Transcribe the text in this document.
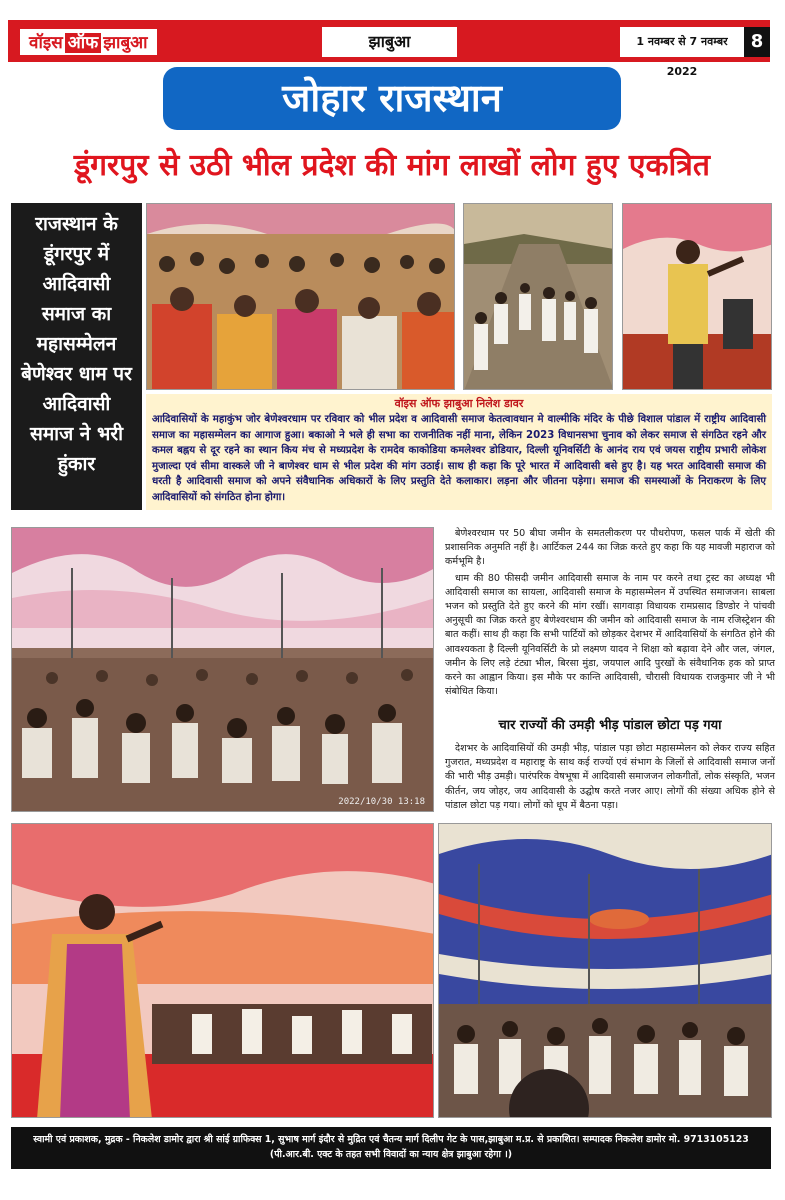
वॉइस ऑफ झाबुआ	झाबुआ	1 नवम्बर से 7 नवम्बर 2022
8
जोहार राजस्थान
डूंगरपुर से उठी भील प्रदेश की मांग लाखों लोग हुए एकत्रित
राजस्थान के
डूंगरपुर में
आदिवासी
समाज का
महासम्मेलन
बेणेश्वर धाम पर
आदिवासी
समाज ने भरी
हुंकार
वॉइस ऑफ झाबुआ निलेश डावर
आदिवासियों के महाकुंभ जोर बेणेश्वरधाम पर रविवार को भील प्रदेश व आदिवासी समाज केतत्वावधान मे वाल्मीकि मंदिर के पीछे विशाल पांडाल में राष्ट्रीय आदिवासी समाज का महासम्मेलन का आगाज हुआ। बकाओ ने भले ही सभा का राजनीतिक नहीं माना, लेकिन 2023 विधानसभा चुनाव को लेकर समाज से संगठित रहने और कमल बह्नय से दूर रहने का स्थान किय मंच से मध्यप्रदेश के रामदेव काकोडिया कमलेश्वर डोडियार, दिल्ली यूनिवर्सिटी के आनंद राय एवं जयस राष्ट्रीय प्रभारी लोकेश मुजाल्दा एवं सीमा वास्कले जी ने बाणेश्वर धाम से भील प्रदेश की मांग उठाई। साथ ही कहा कि पूरे भारत में आदिवासी बसे हुए है। यह भरत आदिवासी समाज की धरती है आदिवासी समाज को अपने संवैधानिक अधिकारों के लिए प्रस्तुति देते कलाकार। लड़ना और जीतना पड़ेगा। समाज की समस्याओं के निराकरण के लिए आदिवासियों को संगठित होना होगा।
2022/10/30 13:18

बेणेश्वरधाम पर 50 बीघा जमीन के समतलीकरण पर पौधरोपण, फसल पार्क में खेती की प्रशासनिक अनुमति नहीं है। आर्टिकल 244 का जिक्र करते हुए कहा कि यह मावजी महाराज को कर्मभूमि है।

धाम की 80 फीसदी जमीन आदिवासी समाज के नाम पर करने तथा ट्रस्ट का अध्यक्ष भी आदिवासी समाज का सायला, आदिवासी समाज के महासम्मेलन में उपस्थित समाजजन। साबला भजन को प्रस्तुति देते हुए करने की मांग रखीं। सागवाड़ा विधायक रामप्रसाद डिण्डोर ने पांचवी अनुसूची का जिक्र करते हुए बेणेश्वरधाम की जमीन को आदिवासी समाज के नाम रजिस्ट्रेशन की बात कहीं। साथ ही कहा कि सभी पार्टियों को छोड़कर देशभर में आदिवासियों के संगठित होने की आवश्यकता है दिल्ली यूनिवर्सिटी के प्रो लक्ष्मण यादव ने शिक्षा को बढ़ावा देने और जल, जंगल, जमीन के लिए लड़े टंट्या भील, बिरसा मुंडा, जयपाल आदि पुरखों के संवैधानिक हक को प्राप्त करने का आह्वान किया। इस मौके पर कान्ति आदिवासी, चौरासी विधायक राजकुमार जी ने भी संबोधित किया।

चार राज्यों की उमड़ी भीड़ पांडाल छोटा पड़ गया
देशभर के आदिवासियों की उमड़ी भीड़, पांडाल पड़ा छोटा महासम्मेलन को लेकर राज्य सहित गुजरात, मध्यप्रदेश व महाराष्ट्र के साथ कई राज्यों एवं संभाग के जिलों से आदिवासी समाज जनों की भारी भीड़ उमड़ी। पारंपरिक वेषभूषा में आदिवासी समाजजन लोकगीतों, लोक संस्कृति, भजन कीर्तन, जय जोहर, जय आदिवासी के उद्घोष करते नजर आए। लोगों की संख्या अधिक होने से पांडाल छोटा पड़ गया। लोगों को धूप में बैठना पड़ा।
स्वामी एवं प्रकाशक, मुद्रक - निकलेश डामोर द्वारा श्री सांई ग्राफिक्स 1, सुभाष मार्ग इंदौर से मुद्रित एवं चैतन्य मार्ग दिलीप गेट के पास,झाबुआ म.प्र. से प्रकाशित। सम्पादक निकलेश डामोर मो. 9713105123
(पी.आर.बी. एक्ट के तहत सभी विवादों का न्याय क्षेत्र झाबुआ रहेगा ।)
